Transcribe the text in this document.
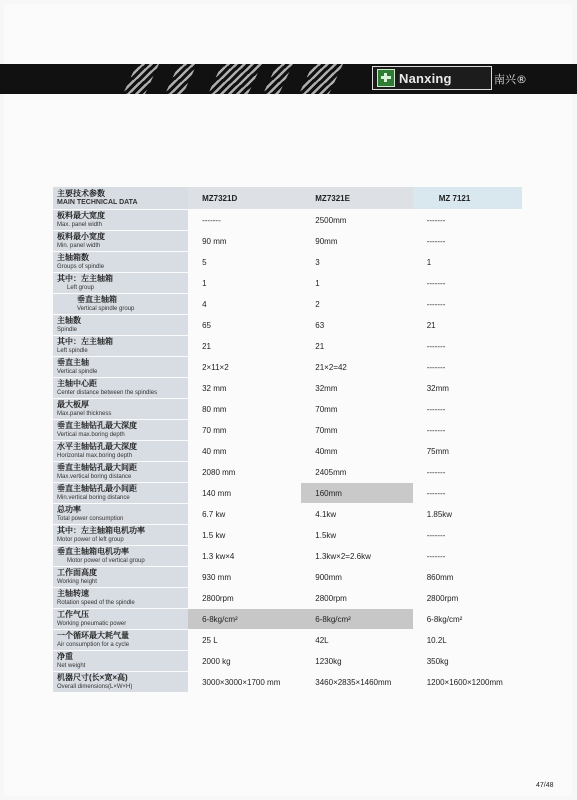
Nanxing	南兴®
主要技术参数
MAIN TECHNICAL DATA	MZ7321D	MZ7321E	MZ 7121

板料最大宽度
Max. panel width	-------	2500mm	-------

板料最小宽度
Min. panel width	90 mm	90mm	-------

主轴箱数
Groups of spindle	5	3	1

其中：左主轴箱
Left group	1	1	-------

垂直主轴箱
Vertical spindle group	4	2	-------

主轴数
Spindle	65	63	21

其中：左主轴箱
Left spindle	21	21	-------

垂直主轴
Vertical spindle	2×11×2	21×2=42	-------

主轴中心距
Center distance between the spindles	32 mm	32mm	32mm

最大板厚
Max.panel thickness	80 mm	70mm	-------

垂直主轴钻孔最大深度
Vertical max.boring depth	70 mm	70mm	-------

水平主轴钻孔最大深度
Horizontal max.boring depth	40 mm	40mm	75mm

垂直主轴钻孔最大间距
Max.vertical boring distance	2080 mm	2405mm	-------

垂直主轴钻孔最小间距
Min.vertical boring distance	140 mm	160mm	-------

总功率
Total power consumption	6.7 kw	4.1kw	1.85kw

其中：左主轴箱电机功率
Motor power of left group	1.5 kw	1.5kw	-------

垂直主轴箱电机功率
Motor power of vertical group	1.3 kw×4	1.3kw×2=2.6kw	-------

工作面高度
Working height	930 mm	900mm	860mm

主轴转速
Rotation speed of the spindle	2800rpm	2800rpm	2800rpm

工作气压
Working pneumatic power	6-8kg/cm²	6-8kg/cm²	6-8kg/cm²

一个循环最大耗气量
Air consumption for a cycle	25 L	42L	10.2L

净重
Net weight	2000 kg	1230kg	350kg

机器尺寸(长×宽×高)
Overall dimensions(L×W×H)	3000×3000×1700 mm	3460×2835×1460mm	1200×1600×1200mm
47/48
